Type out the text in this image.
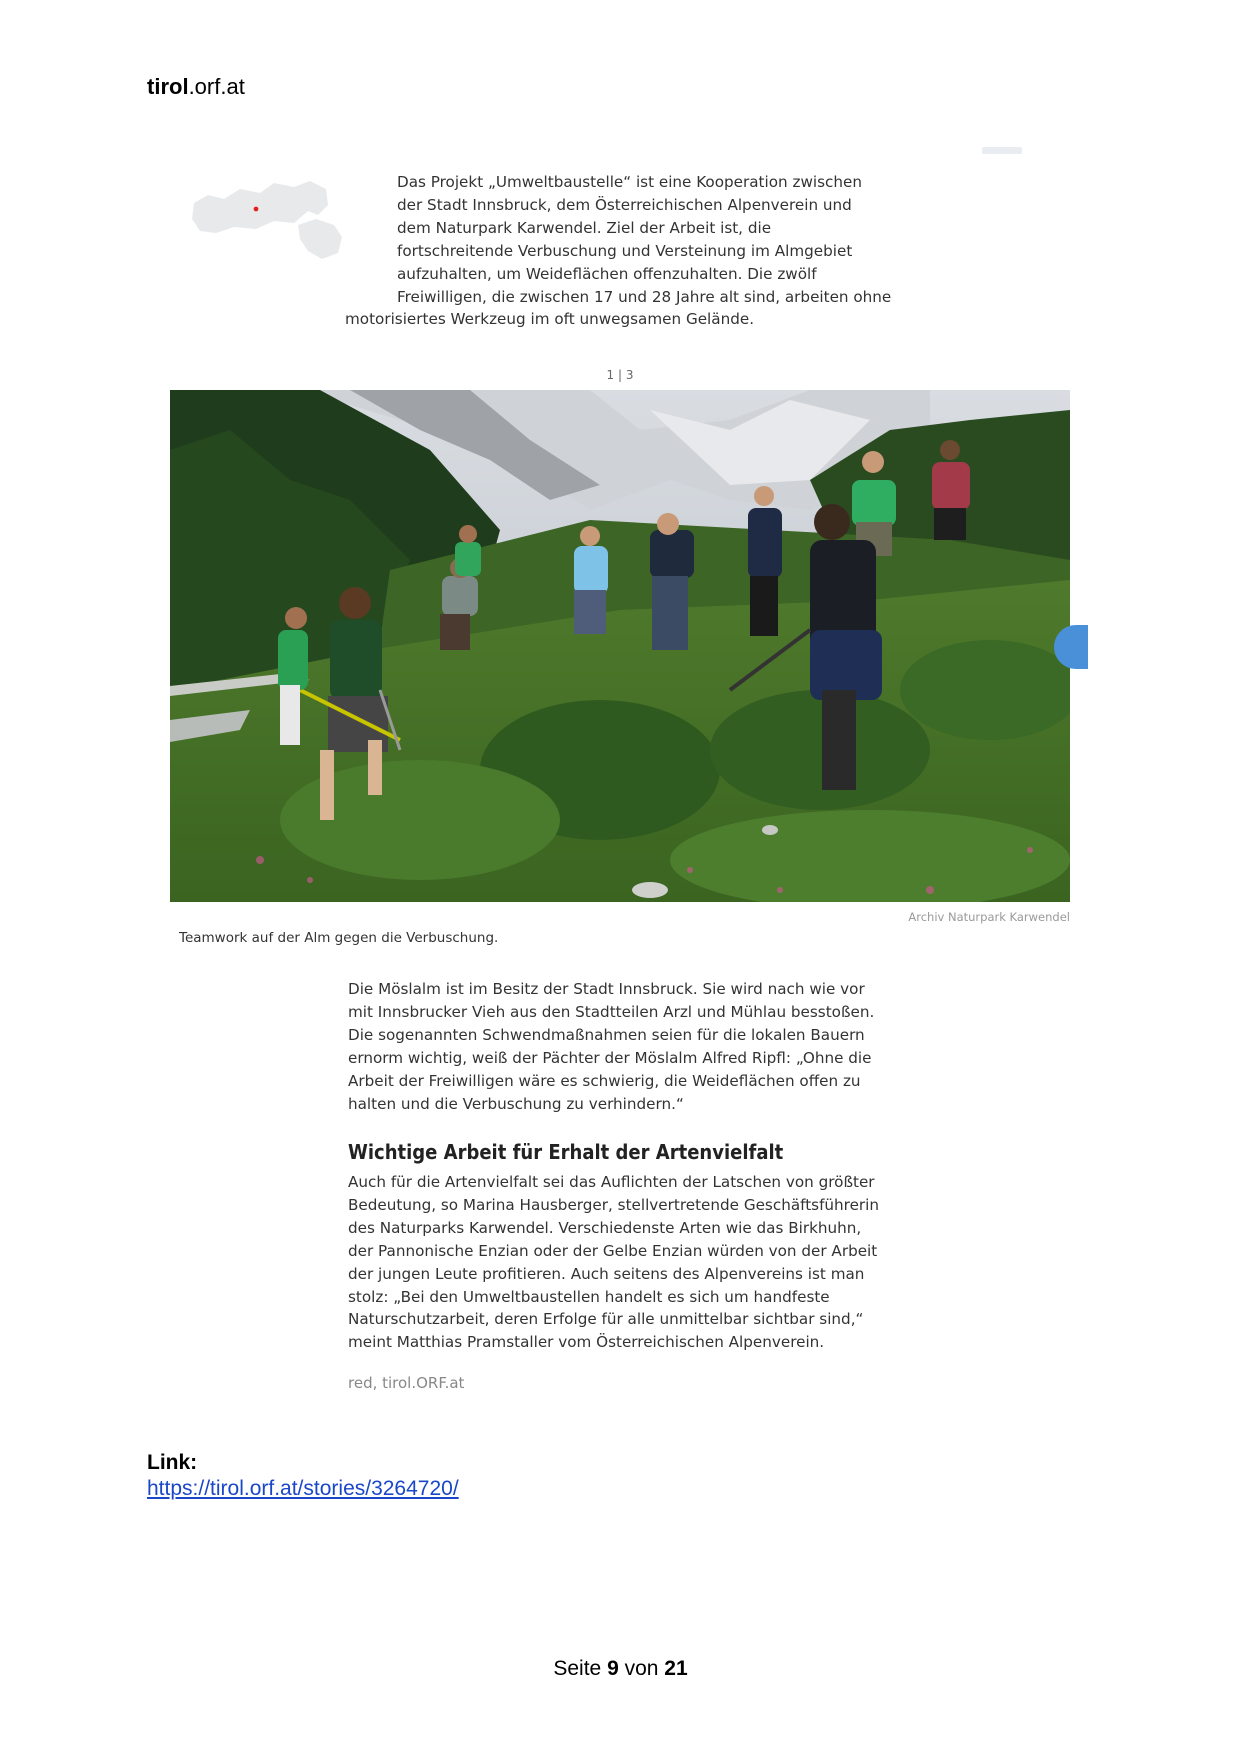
tirol.orf.at
Das Projekt „Umweltbaustelle“ ist eine Kooperation zwischen
der Stadt Innsbruck, dem Österreichischen Alpenverein und
dem Naturpark Karwendel. Ziel der Arbeit ist, die
fortschreitende Verbuschung und Versteinung im Almgebiet
aufzuhalten, um Weideflächen offenzuhalten. Die zwölf
Freiwilligen, die zwischen 17 und 28 Jahre alt sind, arbeiten ohne
motorisiertes Werkzeug im oft unwegsamen Gelände.
1 | 3
Archiv Naturpark Karwendel
Teamwork auf der Alm gegen die Verbuschung.
Die Möslalm ist im Besitz der Stadt Innsbruck. Sie wird nach wie vor
mit Innsbrucker Vieh aus den Stadtteilen Arzl und Mühlau besstoßen.
Die sogenannten Schwendmaßnahmen seien für die lokalen Bauern
ernorm wichtig, weiß der Pächter der Möslalm Alfred Ripfl: „Ohne die
Arbeit der Freiwilligen wäre es schwierig, die Weideflächen offen zu
halten und die Verbuschung zu verhindern.“
Wichtige Arbeit für Erhalt der Artenvielfalt
Auch für die Artenvielfalt sei das Auflichten der Latschen von größter
Bedeutung, so Marina Hausberger, stellvertretende Geschäftsführerin
des Naturparks Karwendel. Verschiedenste Arten wie das Birkhuhn,
der Pannonische Enzian oder der Gelbe Enzian würden von der Arbeit
der jungen Leute profitieren. Auch seitens des Alpenvereins ist man
stolz: „Bei den Umweltbaustellen handelt es sich um handfeste
Naturschutzarbeit, deren Erfolge für alle unmittelbar sichtbar sind,“
meint Matthias Pramstaller vom Österreichischen Alpenverein.
red, tirol.ORF.at
Link:
https://tirol.orf.at/stories/3264720/
Seite 9 von 21
